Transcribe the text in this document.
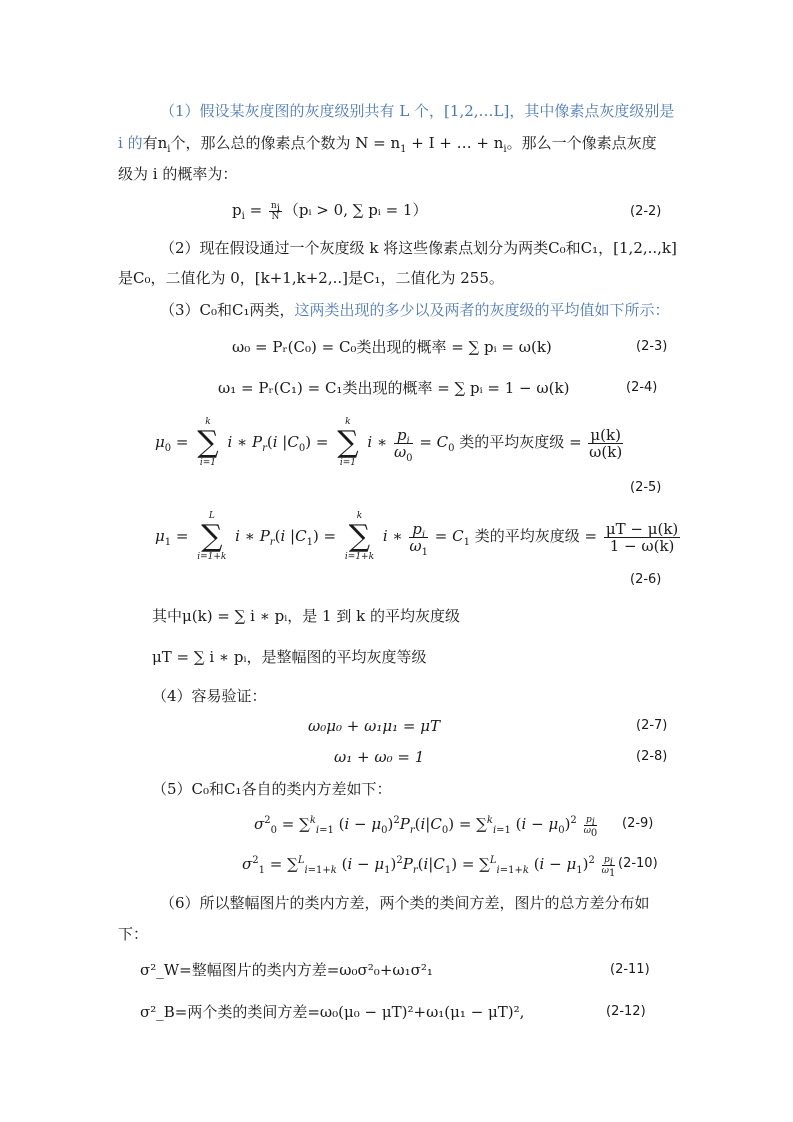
（1）假设某灰度图的灰度级别共有 L 个，[1,2,…L]，其中像素点灰度级别是
i 的有$n_i$个，那么总的像素点个数为 $N = n_1 + I$ + … + $n_i$。那么一个像素点灰度
级为 i 的概率为：
$p_i = \frac{n_i}{N}$ （pᵢ > 0, ∑ pᵢ = 1）	(2-2)
（2）现在假设通过一个灰度级 k 将这些像素点划分为两类C₀和C₁，[1,2,..,k]
是C₀，二值化为 0，[k+1,k+2,..]是C₁，二值化为 255。
（3）C₀和C₁两类，这两类出现的多少以及两者的灰度级的平均值如下所示：
ω₀ = Pᵣ(C₀) = C₀类出现的概率 = ∑ pᵢ = ω(k)	(2-3)
ω₁ = Pᵣ(C₁) = C₁类出现的概率 = ∑ pᵢ = 1 − ω(k)	(2-4)
$\mu_0$ =
k
∑
i=1
i ∗ $P_r(i$ $|C_0$) =
k
∑
i=1
i ∗ $\frac{p_i}{\omega_0} = C_0$ 类的平均灰度级 = $\frac{\mu(k)}{\omega(k)}$
(2-5)
$\mu_1$ =
L
∑
i=1+k
i ∗ $P_r(i$ $|C_1$) =
k
∑
i=1+k
i ∗ $\frac{p_i}{\omega_1} = C_1$ 类的平均灰度级 = $\frac{\mu T - \mu(k)}{1 - \omega(k)}$
(2-6)
其中μ(k) = ∑ i ∗ pᵢ，是 1 到 k 的平均灰度级
μT = ∑ i ∗ pᵢ，是整幅图的平均灰度等级
（4）容易验证：
ω₀μ₀ + ω₁μ₁ = μT	(2-7)
ω₁ + ω₀ = 1	(2-8)
（5）C₀和C₁各自的类内方差如下：
$\sigma^2_0 = \sum^k_{i=1}$ $(i - \mu_0)^2P_r(i|C_0) = \sum^k_{i=1}$ $(i - \mu_0)^2 \frac{p_i}{\omega_0} (2-9)$
$\sigma^2_1 = \sum^L_{i=1+k}$ $(i - \mu_1)^2P_r(i|C_1) = \sum^L_{i=1+k}$ $(i - \mu_1)^2 \frac{p_i}{\omega_1} (2-10)$
（6）所以整幅图片的类内方差，两个类的类间方差，图片的总方差分布如
下：
σ²_W=整幅图片的类内方差=ω₀σ²₀+ω₁σ²₁	(2-11)
σ²_B=两个类的类间方差=ω₀(μ₀ − μT)²+ω₁(μ₁ − μT)²,	(2-12)
